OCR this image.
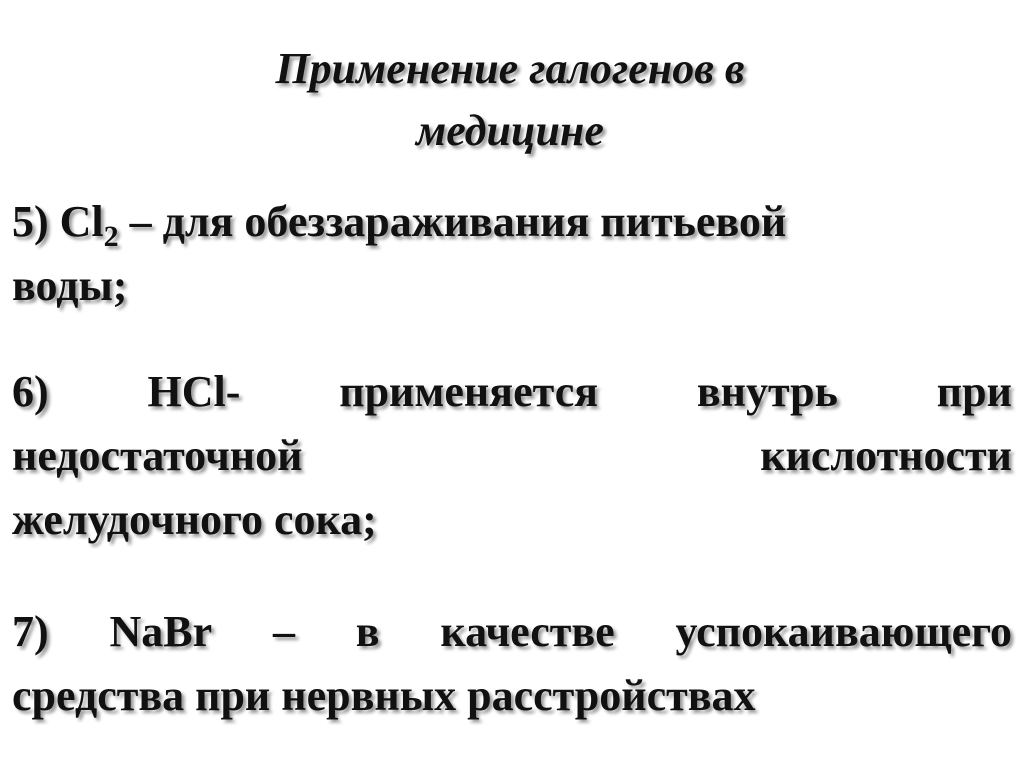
Применение галогенов в
медицине
5) $Cl_2$ – для обеззараживания питьевой
воды;
6) HCl- применяется внутрь при
недостаточной	кислотности
желудочного сока;
7) NaBr – в качестве успокаивающего
средства при нервных расстройствах
